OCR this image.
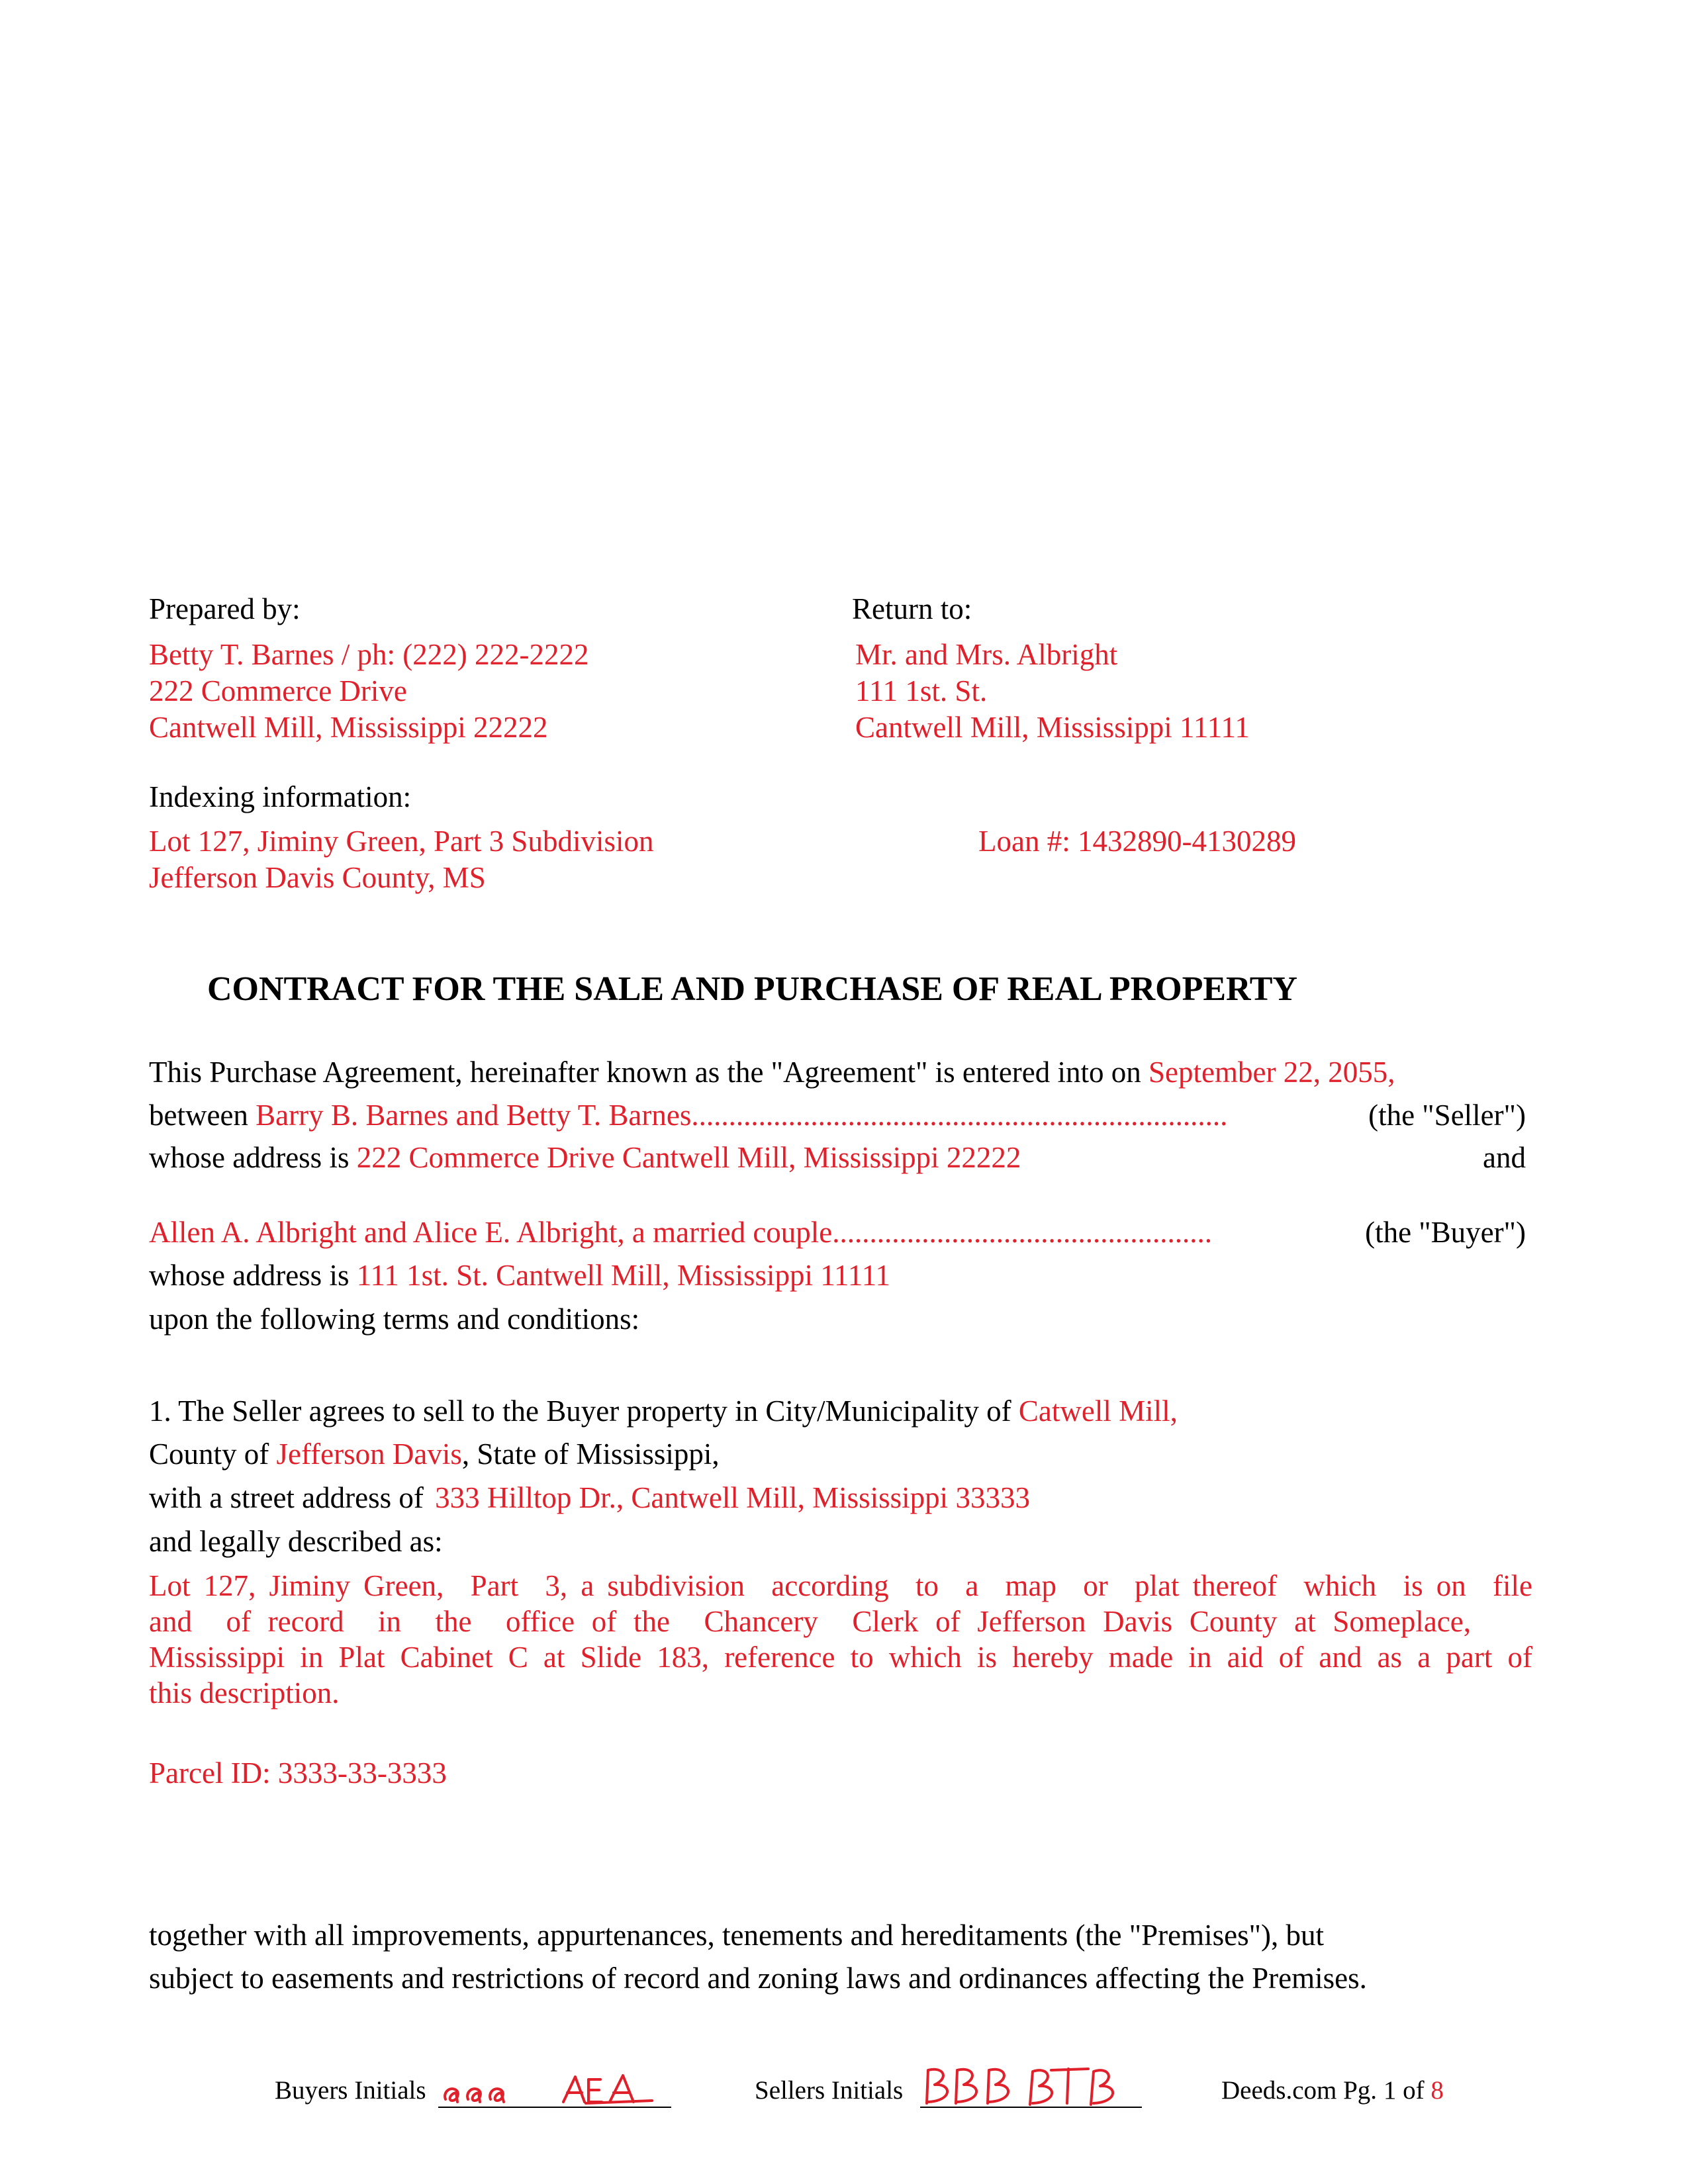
Prepared by:
Betty T. Barnes / ph: (222) 222-2222
222 Commerce Drive
Cantwell Mill, Mississippi 22222
Return to:
Mr. and Mrs. Albright
111 1st. St.
Cantwell Mill, Mississippi 11111
Indexing information:
Lot 127, Jiminy Green, Part 3 Subdivision
Jefferson Davis County, MS
Loan #: 1432890-4130289
CONTRACT FOR THE SALE AND PURCHASE OF REAL PROPERTY
This Purchase Agreement, hereinafter known as the "Agreement" is entered into on September 22, 2055,
between Barry B. Barnes and Betty T. Barnes........................................................................	(the "Seller")
whose address is 222 Commerce Drive Cantwell Mill, Mississippi 22222	and
Allen A. Albright and Alice E. Albright, a married couple...................................................	(the "Buyer")
whose address is 111 1st. St. Cantwell Mill, Mississippi 11111
upon the following terms and conditions:
1. The Seller agrees to sell to the Buyer property in City/Municipality of Catwell Mill,
County of Jefferson Davis, State of Mississippi,
with a street address of 333 Hilltop Dr., Cantwell Mill, Mississippi 33333
and legally described as:
Lot 127, Jiminy Green,  Part  3, a subdivision  according  to  a  map  or  plat thereof  which  is on  file
and  of record  in  the  office of the  Chancery  Clerk of Jefferson Davis County at Someplace,
Mississippi in Plat Cabinet C at Slide 183, reference to which is hereby made in aid of and as a part of
this description.
Parcel ID: 3333-33-3333
together with all improvements, appurtenances, tenements and hereditaments (the "Premises"), but
subject to easements and restrictions of record and zoning laws and ordinances affecting the Premises.
Buyers Initials	Sellers Initials	Deeds.com Pg. 1 of 8
